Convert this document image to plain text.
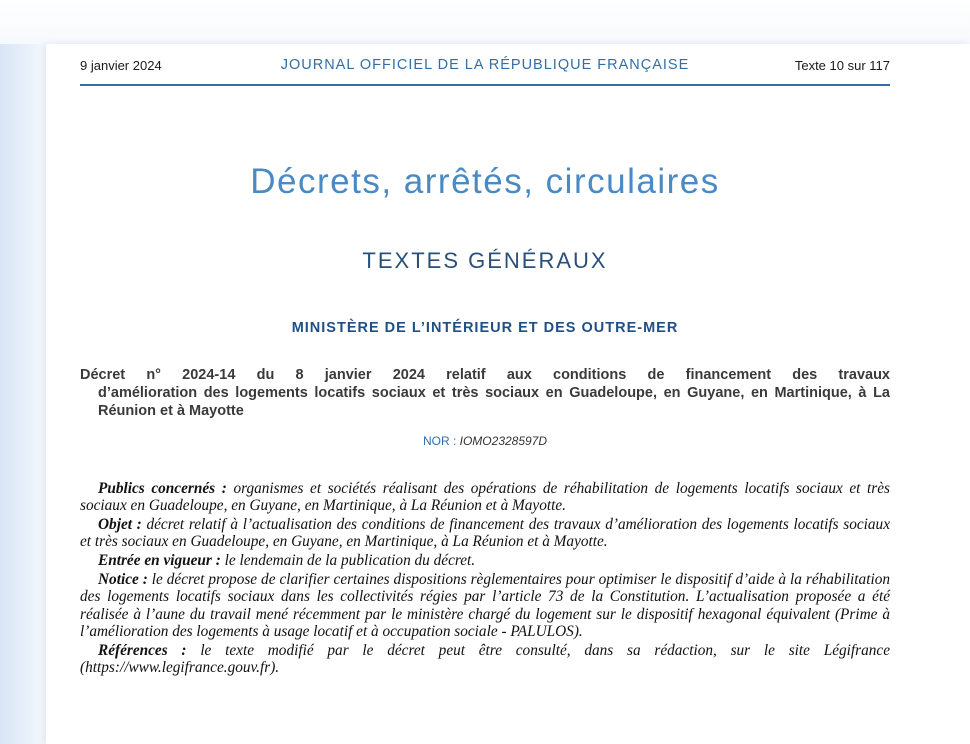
9 janvier 2024	JOURNAL OFFICIEL DE LA RÉPUBLIQUE FRANÇAISE	Texte 10 sur 117
Décrets, arrêtés, circulaires
TEXTES GÉNÉRAUX
MINISTÈRE DE L’INTÉRIEUR ET DES OUTRE-MER
Décret n° 2024-14 du 8 janvier 2024 relatif aux conditions de financement des travaux
d’amélioration des logements locatifs sociaux et très sociaux en Guadeloupe, en Guyane, en Martinique, à La Réunion et à Mayotte
NOR : IOMO2328597D

Publics concernés : organismes et sociétés réalisant des opérations de réhabilitation de logements locatifs sociaux et très sociaux en Guadeloupe, en Guyane, en Martinique, à La Réunion et à Mayotte.

Objet : décret relatif à l’actualisation des conditions de financement des travaux d’amélioration des logements locatifs sociaux et très sociaux en Guadeloupe, en Guyane, en Martinique, à La Réunion et à Mayotte.

Entrée en vigueur : le lendemain de la publication du décret.

Notice : le décret propose de clarifier certaines dispositions règlementaires pour optimiser le dispositif d’aide à la réhabilitation des logements locatifs sociaux dans les collectivités régies par l’article 73 de la Constitution. L’actualisation proposée a été réalisée à l’aune du travail mené récemment par le ministère chargé du logement sur le dispositif hexagonal équivalent (Prime à l’amélioration des logements à usage locatif et à occupation sociale - PALULOS).

Références : le texte modifié par le décret peut être consulté, dans sa rédaction, sur le site Légifrance (https://www.legifrance.gouv.fr).
